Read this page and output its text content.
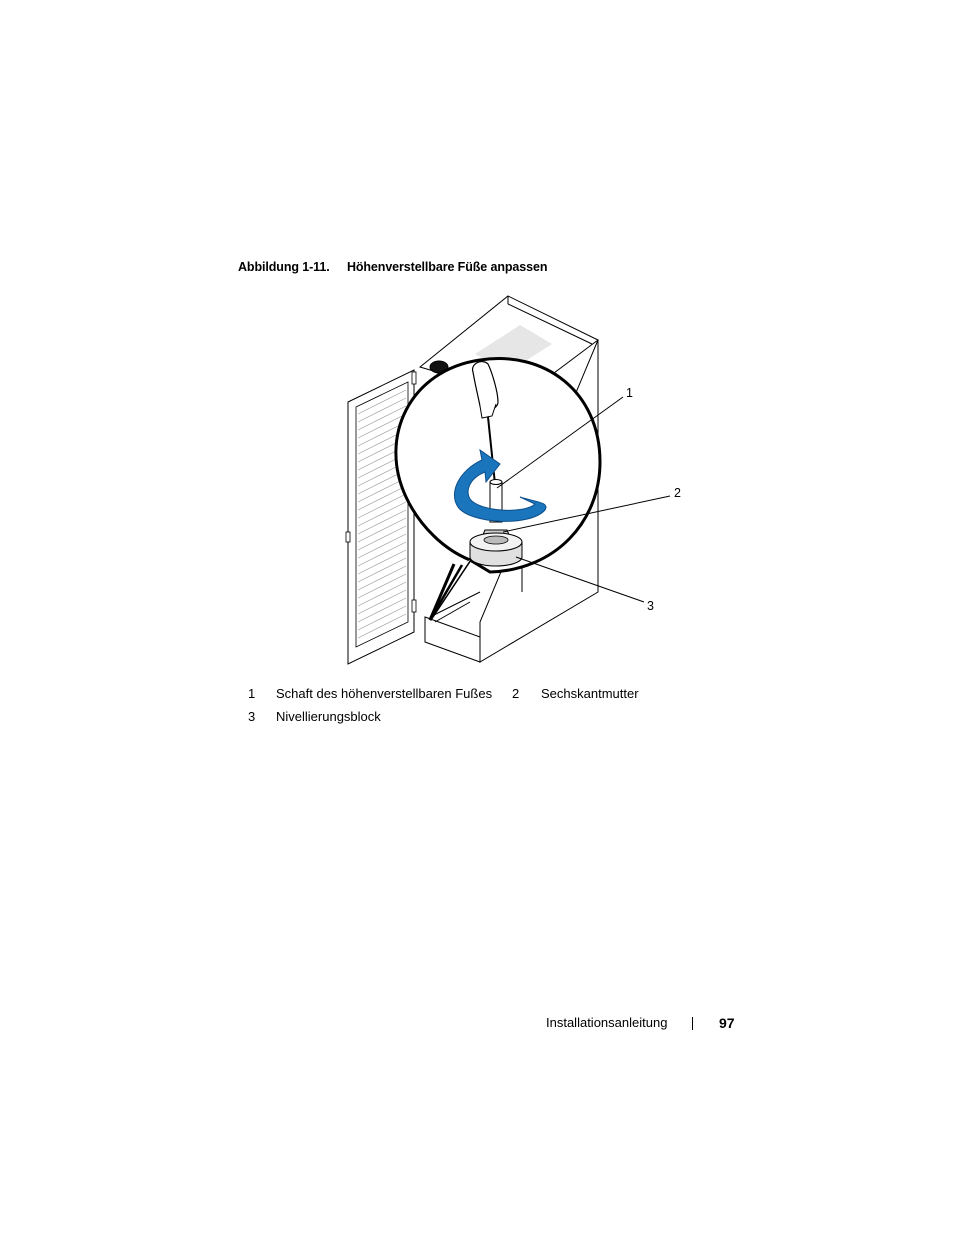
Abbildung 1-11. Höhenverstellbare Füße anpassen
1
2
3
1 Schaft des höhenverstellbaren Fußes 2 Sechskantmutter
3 Nivellierungsblock
Installationsanleitung	97
